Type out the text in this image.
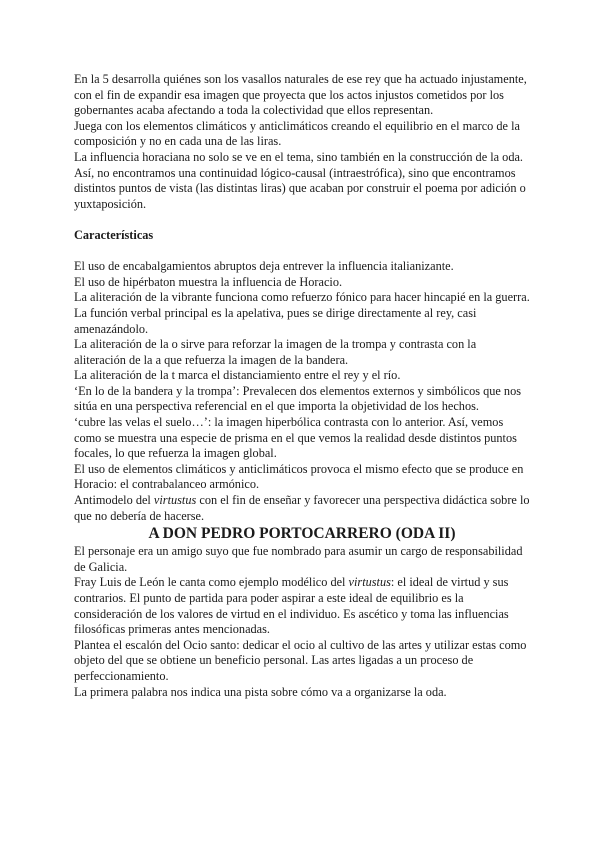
En la 5 desarrolla quiénes son los vasallos naturales de ese rey que ha actuado injustamente, con el fin de expandir esa imagen que proyecta que los actos injustos cometidos por los gobernantes acaba afectando a toda la colectividad que ellos representan.

Juega con los elementos climáticos y anticlimáticos creando el equilibrio en el marco de la composición y no en cada una de las liras.

La influencia horaciana no solo se ve en el tema, sino también en la construcción de la oda. Así, no encontramos una continuidad lógico-causal (intraestrófica), sino que encontramos distintos puntos de vista (las distintas liras) que acaban por construir el poema por adición o yuxtaposición.

Características

El uso de encabalgamientos abruptos deja entrever la influencia italianizante.

El uso de hipérbaton muestra la influencia de Horacio.

La aliteración de la vibrante funciona como refuerzo fónico para hacer hincapié en la guerra.

La función verbal principal es la apelativa, pues se dirige directamente al rey, casi amenazándolo.

La aliteración de la o sirve para reforzar la imagen de la trompa y contrasta con la aliteración de la a que refuerza la imagen de la bandera.

La aliteración de la t marca el distanciamiento entre el rey y el río.

‘En lo de la bandera y la trompa’: Prevalecen dos elementos externos y simbólicos que nos sitúa en una perspectiva referencial en el que importa la objetividad de los hechos.

‘cubre las velas el suelo…’: la imagen hiperbólica contrasta con lo anterior. Así, vemos como se muestra una especie de prisma en el que vemos la realidad desde distintos puntos focales, lo que refuerza la imagen global.

El uso de elementos climáticos y anticlimáticos provoca el mismo efecto que se produce en Horacio: el contrabalanceo armónico.

Antimodelo del virtustus con el fin de enseñar y favorecer una perspectiva didáctica sobre lo que no debería de hacerse.

A DON PEDRO PORTOCARRERO (ODA II)

El personaje era un amigo suyo que fue nombrado para asumir un cargo de responsabilidad de Galicia.

Fray Luis de León le canta como ejemplo modélico del virtustus: el ideal de virtud y sus contrarios. El punto de partida para poder aspirar a este ideal de equilibrio es la consideración de los valores de virtud en el individuo. Es ascético y toma las influencias filosóficas primeras antes mencionadas.

Plantea el escalón del Ocio santo: dedicar el ocio al cultivo de las artes y utilizar estas como objeto del que se obtiene un beneficio personal. Las artes ligadas a un proceso de perfeccionamiento.

La primera palabra nos indica una pista sobre cómo va a organizarse la oda.
